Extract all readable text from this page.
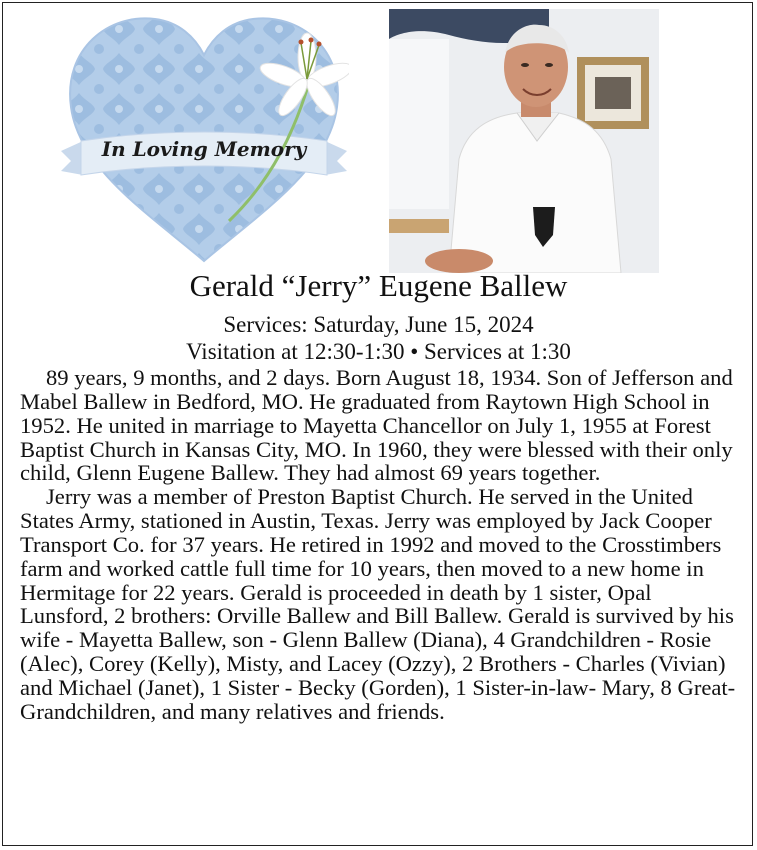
In Loving Memory
Gerald “Jerry” Eugene Ballew
Services: Saturday, June 15, 2024
Visitation at 12:30-1:30 • Services at 1:30

89 years, 9 months, and 2 days. Born August 18, 1934. Son of Jefferson and Mabel Ballew in Bedford, MO. He graduated from Raytown High School in 1952. He united in marriage to Mayetta Chancellor on July 1, 1955 at Forest Baptist Church in Kansas City, MO. In 1960, they were blessed with their only child, Glenn Eugene Ballew. They had almost 69 years together.

Jerry was a member of Preston Baptist Church. He served in the United States Army, stationed in Austin, Texas. Jerry was employed by Jack Cooper Transport Co. for 37 years. He retired in 1992 and moved to the Crosstimbers farm and worked cattle full time for 10 years, then moved to a new home in Hermitage for 22 years. Gerald is proceeded in death by 1 sister, Opal Lunsford, 2 brothers: Orville Ballew and Bill Ballew. Gerald is survived by his wife - Mayetta Ballew, son - Glenn Ballew (Diana), 4 Grandchildren - Rosie (Alec), Corey (Kelly), Misty, and Lacey (Ozzy), 2 Brothers - Charles (Vivian) and Michael (Janet), 1 Sister - Becky (Gorden), 1 Sister-in-law- Mary, 8 Great-Grandchildren, and many relatives and friends.
